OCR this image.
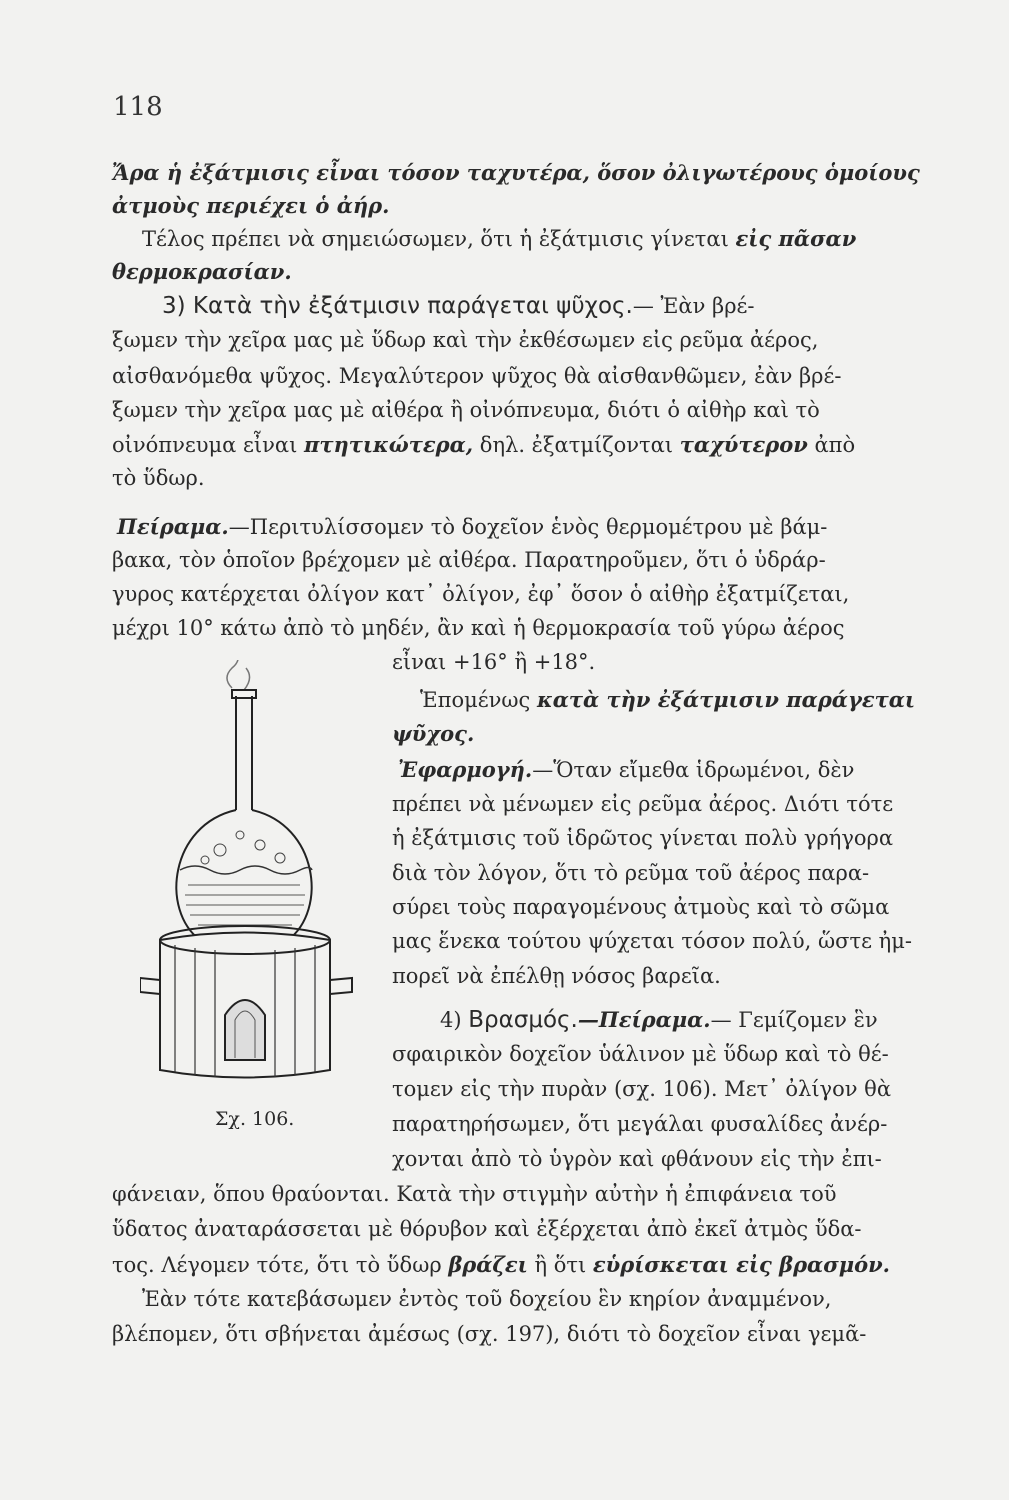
118
Ἄρα ἡ ἐξάτμισις εἶναι τόσον ταχυτέρα, ὅσον ὀλιγωτέρους ὁμοίους
ἀτμοὺς περιέχει ὁ ἀήρ.
Τέλος πρέπει νὰ σημειώσωμεν, ὅτι ἡ ἐξάτμισις γίνεται εἰς πᾶσαν
θερμοκρασίαν.
3) Κατὰ τὴν ἐξάτμισιν παράγεται ψῦχος.— Ἐὰν βρέ-
ξωμεν τὴν χεῖρα μας μὲ ὕδωρ καὶ τὴν ἐκθέσωμεν εἰς ρεῦμα ἀέρος,
αἰσθανόμεθα ψῦχος. Μεγαλύτερον ψῦχος θὰ αἰσθανθῶμεν, ἐὰν βρέ-
ξωμεν τὴν χεῖρα μας μὲ αἰθέρα ἢ οἰνόπνευμα, διότι ὁ αἰθὴρ καὶ τὸ
οἰνόπνευμα εἶναι πτητικώτερα, δηλ. ἐξατμίζονται ταχύτερον ἀπὸ
τὸ ὕδωρ.
Πείραμα.—Περιτυλίσσομεν τὸ δοχεῖον ἑνὸς θερμομέτρου μὲ βάμ-
βακα, τὸν ὁποῖον βρέχομεν μὲ αἰθέρα. Παρατηροῦμεν, ὅτι ὁ ὑδράρ-
γυρος κατέρχεται ὀλίγον κατ᾿ ὀλίγον, ἐφ᾿ ὅσον ὁ αἰθὴρ ἐξατμίζεται,
μέχρι 10° κάτω ἀπὸ τὸ μηδέν, ἂν καὶ ἡ θερμοκρασία τοῦ γύρω ἀέρος
εἶναι +16° ἢ +18°.
Ἑπομένως κατὰ τὴν ἐξάτμισιν παράγεται
ψῦχος.
Ἐφαρμογή.—Ὅταν εἴμεθα ἱδρωμένοι, δὲν
πρέπει νὰ μένωμεν εἰς ρεῦμα ἀέρος. Διότι τότε
ἡ ἐξάτμισις τοῦ ἱδρῶτος γίνεται πολὺ γρήγορα
διὰ τὸν λόγον, ὅτι τὸ ρεῦμα τοῦ ἀέρος παρα-
σύρει τοὺς παραγομένους ἀτμοὺς καὶ τὸ σῶμα
μας ἕνεκα τούτου ψύχεται τόσον πολύ, ὥστε ἠμ-
πορεῖ νὰ ἐπέλθῃ νόσος βαρεῖα.
4) Βρασμός.—Πείραμα.— Γεμίζομεν ἓν
σφαιρικὸν δοχεῖον ὑάλινον μὲ ὕδωρ καὶ τὸ θέ-
τομεν εἰς τὴν πυρὰν (σχ. 106). Μετ᾿ ὀλίγον θὰ
παρατηρήσωμεν, ὅτι μεγάλαι φυσαλίδες ἀνέρ-
χονται ἀπὸ τὸ ὑγρὸν καὶ φθάνουν εἰς τὴν ἐπι-
φάνειαν, ὅπου θραύονται. Κατὰ τὴν στιγμὴν αὐτὴν ἡ ἐπιφάνεια τοῦ
ὕδατος ἀναταράσσεται μὲ θόρυβον καὶ ἐξέρχεται ἀπὸ ἐκεῖ ἀτμὸς ὕδα-
τος. Λέγομεν τότε, ὅτι τὸ ὕδωρ βράζει ἢ ὅτι εὑρίσκεται εἰς βρασμόν.
Ἐὰν τότε κατεβάσωμεν ἐντὸς τοῦ δοχείου ἓν κηρίον ἀναμμένον,
βλέπομεν, ὅτι σβήνεται ἀμέσως (σχ. 197), διότι τὸ δοχεῖον εἶναι γεμᾶ-
Σχ. 106.
